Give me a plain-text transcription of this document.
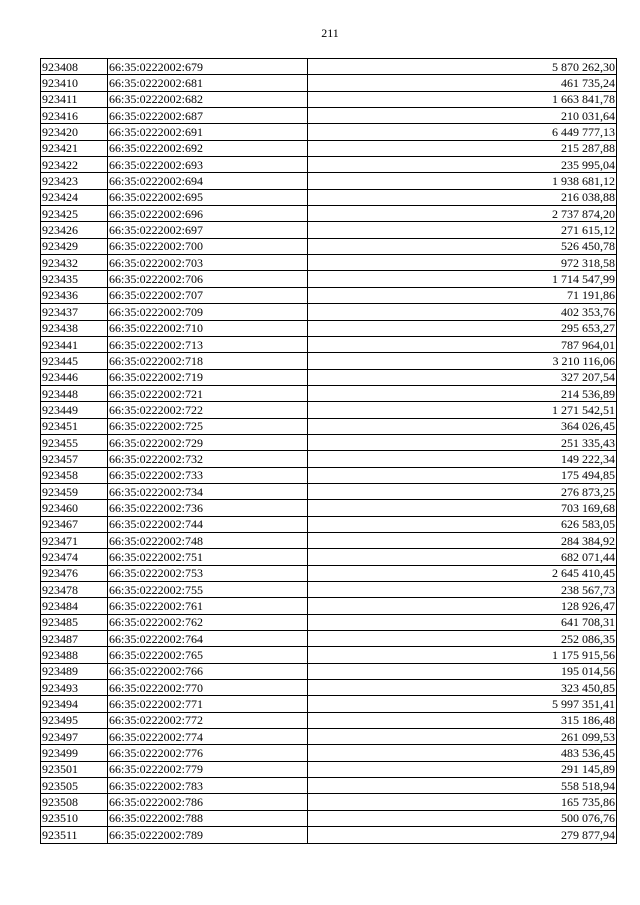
211
923408	66:35:0222002:679	5 870 262,30
923410	66:35:0222002:681	461 735,24
923411	66:35:0222002:682	1 663 841,78
923416	66:35:0222002:687	210 031,64
923420	66:35:0222002:691	6 449 777,13
923421	66:35:0222002:692	215 287,88
923422	66:35:0222002:693	235 995,04
923423	66:35:0222002:694	1 938 681,12
923424	66:35:0222002:695	216 038,88
923425	66:35:0222002:696	2 737 874,20
923426	66:35:0222002:697	271 615,12
923429	66:35:0222002:700	526 450,78
923432	66:35:0222002:703	972 318,58
923435	66:35:0222002:706	1 714 547,99
923436	66:35:0222002:707	71 191,86
923437	66:35:0222002:709	402 353,76
923438	66:35:0222002:710	295 653,27
923441	66:35:0222002:713	787 964,01
923445	66:35:0222002:718	3 210 116,06
923446	66:35:0222002:719	327 207,54
923448	66:35:0222002:721	214 536,89
923449	66:35:0222002:722	1 271 542,51
923451	66:35:0222002:725	364 026,45
923455	66:35:0222002:729	251 335,43
923457	66:35:0222002:732	149 222,34
923458	66:35:0222002:733	175 494,85
923459	66:35:0222002:734	276 873,25
923460	66:35:0222002:736	703 169,68
923467	66:35:0222002:744	626 583,05
923471	66:35:0222002:748	284 384,92
923474	66:35:0222002:751	682 071,44
923476	66:35:0222002:753	2 645 410,45
923478	66:35:0222002:755	238 567,73
923484	66:35:0222002:761	128 926,47
923485	66:35:0222002:762	641 708,31
923487	66:35:0222002:764	252 086,35
923488	66:35:0222002:765	1 175 915,56
923489	66:35:0222002:766	195 014,56
923493	66:35:0222002:770	323 450,85
923494	66:35:0222002:771	5 997 351,41
923495	66:35:0222002:772	315 186,48
923497	66:35:0222002:774	261 099,53
923499	66:35:0222002:776	483 536,45
923501	66:35:0222002:779	291 145,89
923505	66:35:0222002:783	558 518,94
923508	66:35:0222002:786	165 735,86
923510	66:35:0222002:788	500 076,76
923511	66:35:0222002:789	279 877,94
